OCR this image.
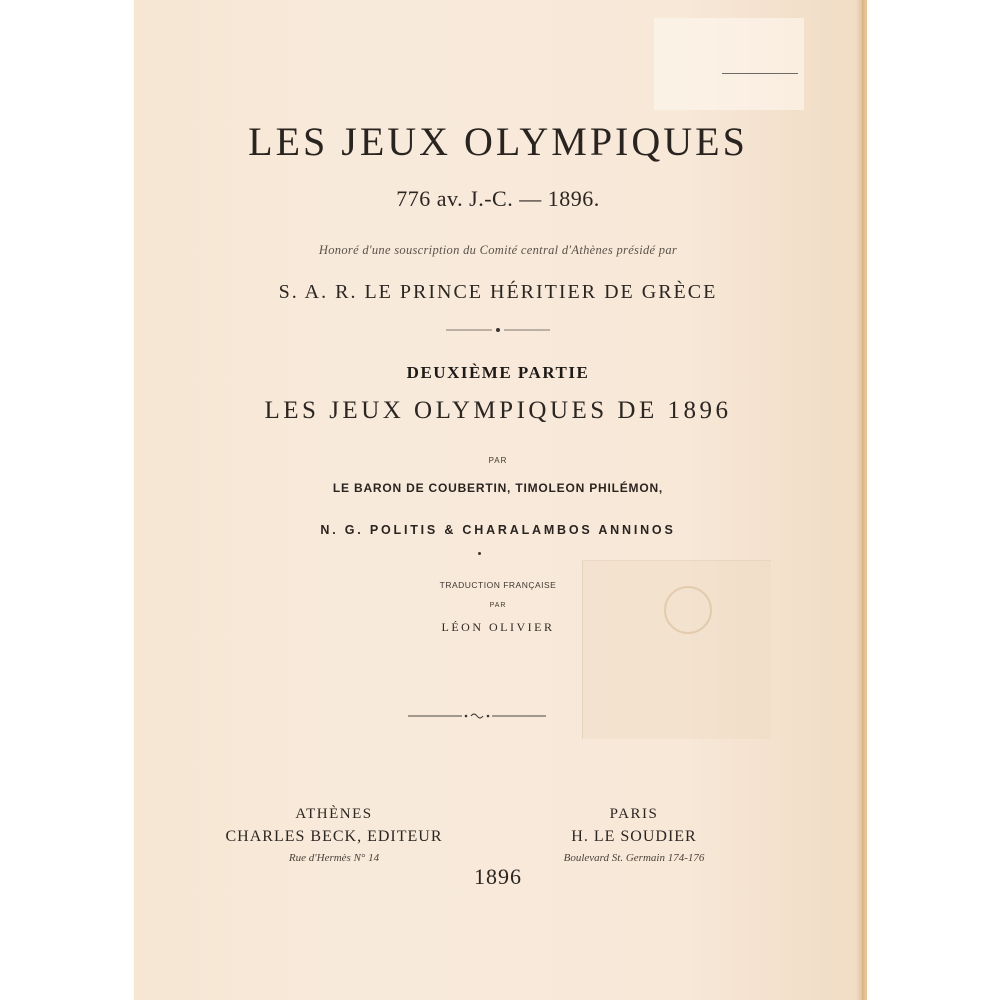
LES JEUX OLYMPIQUES
776 av. J.-C. — 1896.
Honoré d'une souscription du Comité central d'Athènes présidé par
S. A. R. LE PRINCE HÉRITIER DE GRÈCE
DEUXIÈME PARTIE
LES JEUX OLYMPIQUES DE 1896
PAR
LE BARON DE COUBERTIN, TIMOLEON PHILÉMON,
N. G. POLITIS & CHARALAMBOS ANNINOS
TRADUCTION FRANÇAISE
PAR
LÉON OLIVIER
ATHÈNES
CHARLES BECK, EDITEUR
Rue d'Hermès N° 14
PARIS
H. LE SOUDIER
Boulevard St. Germain 174-176
1896
